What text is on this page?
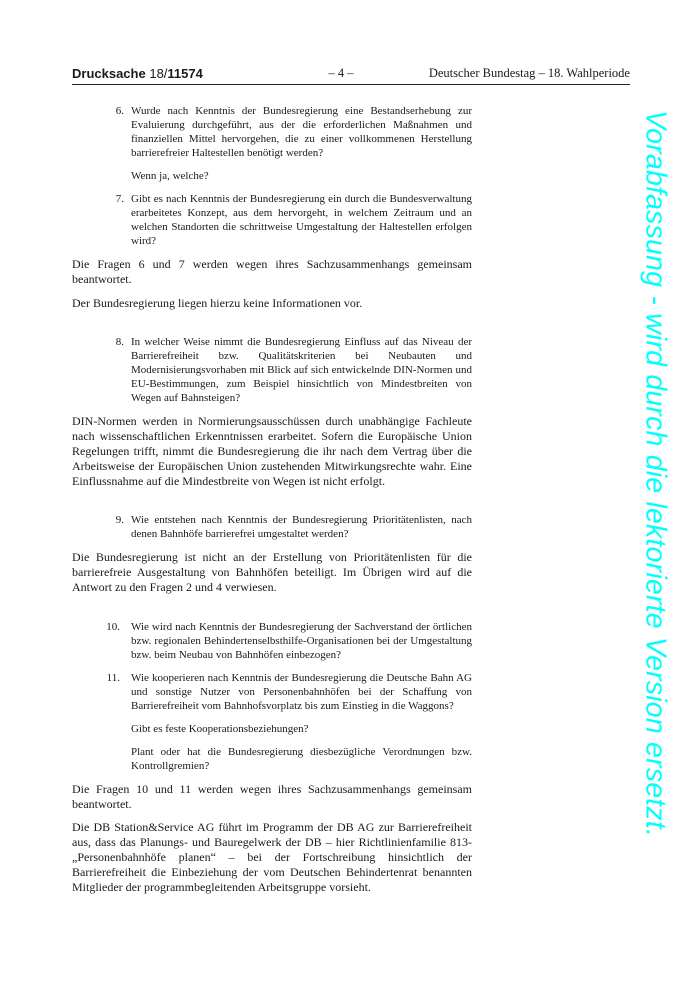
Drucksache 18/11574	– 4 –	Deutscher Bundestag – 18. Wahlperiode
6. Wurde nach Kenntnis der Bundesregierung eine Bestandserhebung zur Evaluierung durchgeführt, aus der die erforderlichen Maßnahmen und finanziellen Mittel hervorgehen, die zu einer vollkommenen Herstellung barrierefreier Haltestellen benötigt werden?

Wenn ja, welche?

7. Gibt es nach Kenntnis der Bundesregierung ein durch die Bundesverwaltung erarbeitetes Konzept, aus dem hervorgeht, in welchem Zeitraum und an welchen Standorten die schrittweise Umgestaltung der Haltestellen erfolgen wird?

Die Fragen 6 und 7 werden wegen ihres Sachzusammenhangs gemeinsam beantwortet.

Der Bundesregierung liegen hierzu keine Informationen vor.

8. In welcher Weise nimmt die Bundesregierung Einfluss auf das Niveau der Barrierefreiheit bzw. Qualitätskriterien bei Neubauten und Modernisierungsvorhaben mit Blick auf sich entwickelnde DIN-Normen und EU-Bestimmungen, zum Beispiel hinsichtlich von Mindestbreiten von Wegen auf Bahnsteigen?

DIN-Normen werden in Normierungsausschüssen durch unabhängige Fachleute nach wissenschaftlichen Erkenntnissen erarbeitet. Sofern die Europäische Union Regelungen trifft, nimmt die Bundesregierung die ihr nach dem Vertrag über die Arbeitsweise der Europäischen Union zustehenden Mitwirkungsrechte wahr. Eine Einflussnahme auf die Mindestbreite von Wegen ist nicht erfolgt.

9. Wie entstehen nach Kenntnis der Bundesregierung Prioritätenlisten, nach denen Bahnhöfe barrierefrei umgestaltet werden?

Die Bundesregierung ist nicht an der Erstellung von Prioritätenlisten für die barrierefreie Ausgestaltung von Bahnhöfen beteiligt. Im Übrigen wird auf die Antwort zu den Fragen 2 und 4 verwiesen.

10. Wie wird nach Kenntnis der Bundesregierung der Sachverstand der örtlichen bzw. regionalen Behindertenselbsthilfe-Organisationen bei der Umgestaltung bzw. beim Neubau von Bahnhöfen einbezogen?

11. Wie kooperieren nach Kenntnis der Bundesregierung die Deutsche Bahn AG und sonstige Nutzer von Personenbahnhöfen bei der Schaffung von Barrierefreiheit vom Bahnhofsvorplatz bis zum Einstieg in die Waggons?

Gibt es feste Kooperationsbeziehungen?

Plant oder hat die Bundesregierung diesbezügliche Verordnungen bzw. Kontrollgremien?

Die Fragen 10 und 11 werden wegen ihres Sachzusammenhangs gemeinsam beantwortet.

Die DB Station&Service AG führt im Programm der DB AG zur Barrierefreiheit aus, dass das Planungs- und Bauregelwerk der DB – hier Richtlinienfamilie 813- „Personenbahnhöfe planen“ – bei der Fortschreibung hinsichtlich der Barrierefreiheit die Einbeziehung der vom Deutschen Behindertenrat benannten Mitglieder der programmbegleitenden Arbeitsgruppe vorsieht.

Vorabfassung - wird durch die lektorierte Version ersetzt.
